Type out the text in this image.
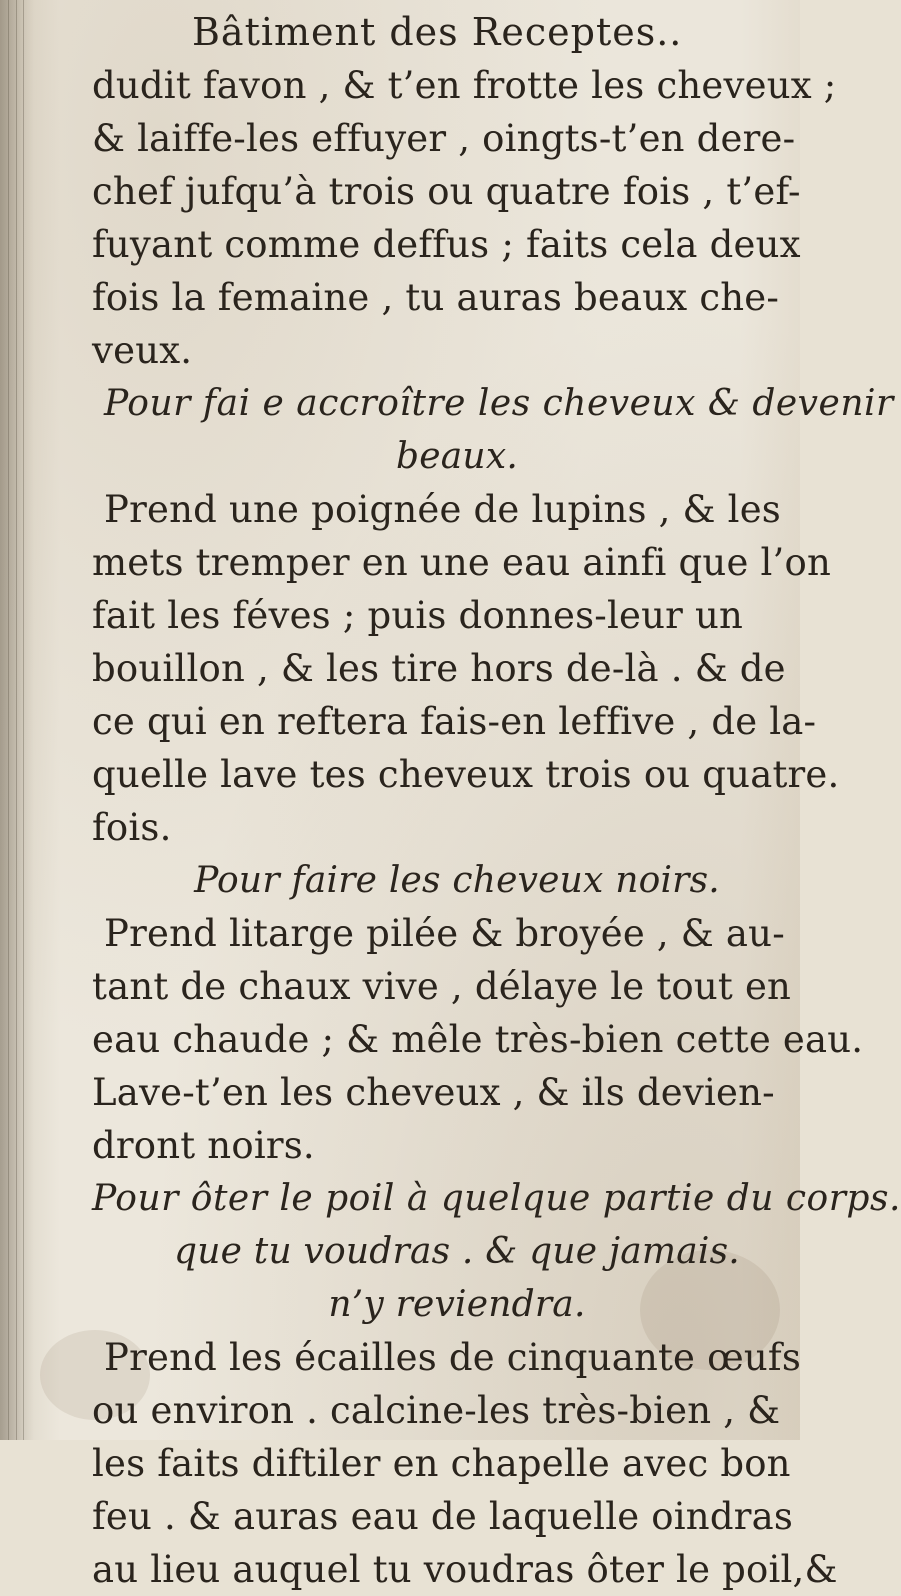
Bâtiment des Receptes..
dudit favon , & t’en frotte les cheveux ;
& laiffe-les effuyer , oingts-t’en dere-
chef jufqu’à trois ou quatre fois , t’ef-
fuyant comme deffus ; faits cela deux
fois la femaine , tu auras beaux che-
veux.
Pour fai e accroître les cheveux & devenir
beaux.
Prend une poignée de lupins , & les
mets tremper en une eau ainfi que l’on
fait les féves ; puis donnes-leur un
bouillon , & les tire hors de-là . & de
ce qui en reftera fais-en leffive , de la-
quelle lave tes cheveux trois ou quatre.
fois.
Pour faire les cheveux noirs.
Prend litarge pilée & broyée , & au-
tant de chaux vive , délaye le tout en
eau chaude ; & mêle très-bien cette eau.
Lave-t’en les cheveux , & ils devien-
dront noirs.
Pour ôter le poil à quelque partie du corps.
que tu voudras . & que jamais.
n’y reviendra.
Prend les écailles de cinquante œufs
ou environ . calcine-les très-bien , &
les faits diftiler en chapelle avec bon
feu . & auras eau de laquelle oindras
au lieu auquel tu voudras ôter le poil,&
